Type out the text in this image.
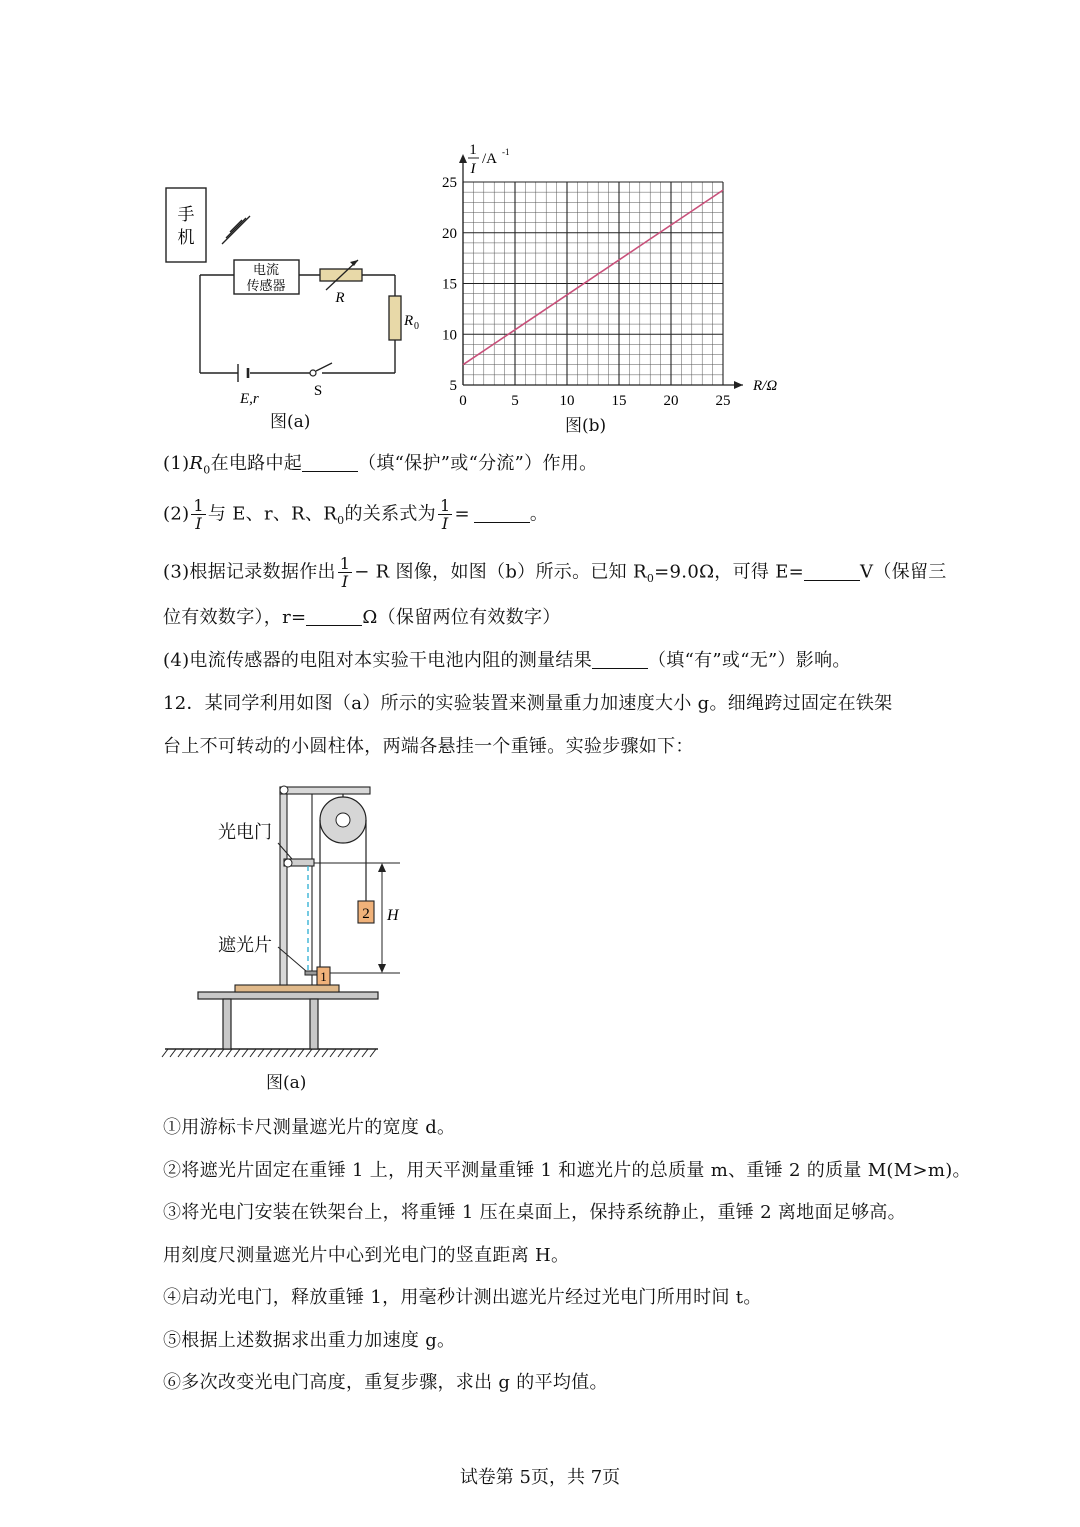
手
机
电流
传感器
R
R 0
E,r	S
图(a)
1
I
/A -1
R/Ω
0	5	10 15 20 25
5
10
15
20
25
图(b)
$(1)R_0$在电路中起	（填“保护”或“分流”）作用。
$(2) \frac{1}{I}$ 与 E、r、R、$R_0$的关系式为 $\frac{1}{I}$ =	。
(3)根据记录数据作出 $\frac{1}{I} - R$ 图像，如图（b）所示。已知 $R_0=9.0\Omega$，可得 E=	V（保留三
位有效数字），r=	Ω（保留两位有效数字）
(4)电流传感器的电阻对本实验干电池内阻的测量结果	（填“有”或“无”）影响。
12．某同学利用如图（a）所示的实验装置来测量重力加速度大小 g。细绳跨过固定在铁架
台上不可转动的小圆柱体，两端各悬挂一个重锤。实验步骤如下：
1
2 H
光电门
遮光片
图(a)
①用游标卡尺测量遮光片的宽度 d。
②将遮光片固定在重锤 1 上，用天平测量重锤 1 和遮光片的总质量 m、重锤 2 的质量 M(M>m)。
③将光电门安装在铁架台上，将重锤 1 压在桌面上，保持系统静止，重锤 2 离地面足够高。
用刻度尺测量遮光片中心到光电门的竖直距离 H。
④启动光电门，释放重锤 1，用毫秒计测出遮光片经过光电门所用时间 t。
⑤根据上述数据求出重力加速度 g。
⑥多次改变光电门高度，重复步骤，求出 g 的平均值。
试卷第 5页，共 7页
